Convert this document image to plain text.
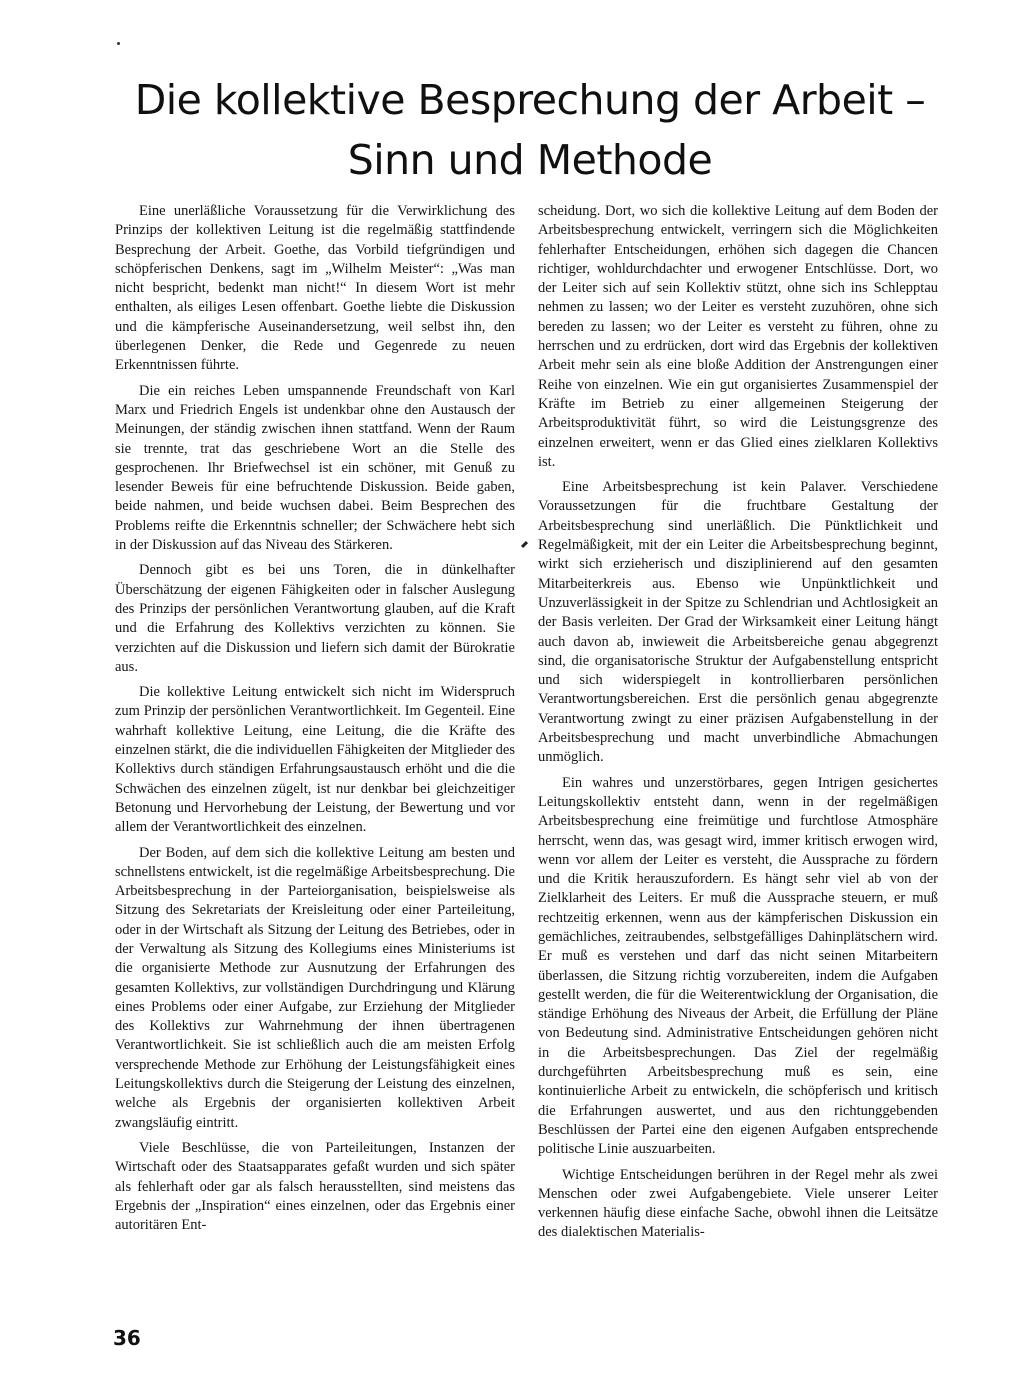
Die kollektive Besprechung der Arbeit –
Sinn und Methode

Eine unerläßliche Voraussetzung für die Verwirklichung des Prinzips der kollektiven Leitung ist die regelmäßig stattfindende Besprechung der Arbeit. Goethe, das Vorbild tiefgründigen und schöpferischen Denkens, sagt im „Wilhelm Meister“: „Was man nicht bespricht, bedenkt man nicht!“ In diesem Wort ist mehr enthalten, als eiliges Lesen offenbart. Goethe liebte die Diskussion und die kämpferische Auseinandersetzung, weil selbst ihn, den überlegenen Denker, die Rede und Gegenrede zu neuen Erkenntnissen führte.

Die ein reiches Leben umspannende Freundschaft von Karl Marx und Friedrich Engels ist undenkbar ohne den Austausch der Meinungen, der ständig zwischen ihnen stattfand. Wenn der Raum sie trennte, trat das geschriebene Wort an die Stelle des gesprochenen. Ihr Briefwechsel ist ein schöner, mit Genuß zu lesender Beweis für eine befruchtende Diskussion. Beide gaben, beide nahmen, und beide wuchsen dabei. Beim Besprechen des Problems reifte die Erkenntnis schneller; der Schwächere hebt sich in der Diskussion auf das Niveau des Stärkeren.

Dennoch gibt es bei uns Toren, die in dünkelhafter Überschätzung der eigenen Fähigkeiten oder in falscher Auslegung des Prinzips der persönlichen Verantwortung glauben, auf die Kraft und die Erfahrung des Kollektivs verzichten zu können. Sie verzichten auf die Diskussion und liefern sich damit der Bürokratie aus.

Die kollektive Leitung entwickelt sich nicht im Widerspruch zum Prinzip der persönlichen Verantwortlichkeit. Im Gegenteil. Eine wahrhaft kollektive Leitung, eine Leitung, die die Kräfte des einzelnen stärkt, die die individuellen Fähigkeiten der Mitglieder des Kollektivs durch ständigen Erfahrungsaustausch erhöht und die die Schwächen des einzelnen zügelt, ist nur denkbar bei gleichzeitiger Betonung und Hervorhebung der Leistung, der Bewertung und vor allem der Verantwortlichkeit des einzelnen.

Der Boden, auf dem sich die kollektive Leitung am besten und schnellstens entwickelt, ist die regelmäßige Arbeitsbesprechung. Die Arbeitsbesprechung in der Parteiorganisation, beispielsweise als Sitzung des Sekretariats der Kreisleitung oder einer Parteileitung, oder in der Wirtschaft als Sitzung der Leitung des Betriebes, oder in der Verwaltung als Sitzung des Kollegiums eines Ministeriums ist die organisierte Methode zur Ausnutzung der Erfahrungen des gesamten Kollektivs, zur vollständigen Durchdringung und Klärung eines Problems oder einer Aufgabe, zur Erziehung der Mitglieder des Kollektivs zur Wahrnehmung der ihnen übertragenen Verantwortlichkeit. Sie ist schließlich auch die am meisten Erfolg versprechende Methode zur Erhöhung der Leistungsfähigkeit eines Leitungskollektivs durch die Steigerung der Leistung des einzelnen, welche als Ergebnis der organisierten kollektiven Arbeit zwangsläufig eintritt.

Viele Beschlüsse, die von Parteileitungen, Instanzen der Wirtschaft oder des Staatsapparates gefaßt wurden und sich später als fehlerhaft oder gar als falsch herausstellten, sind meistens das Ergebnis der „Inspiration“ eines einzelnen, oder das Ergebnis einer autoritären Ent-

scheidung. Dort, wo sich die kollektive Leitung auf dem Boden der Arbeitsbesprechung entwickelt, verringern sich die Möglichkeiten fehlerhafter Entscheidungen, erhöhen sich dagegen die Chancen richtiger, wohldurchdachter und erwogener Entschlüsse. Dort, wo der Leiter sich auf sein Kollektiv stützt, ohne sich ins Schlepptau nehmen zu lassen; wo der Leiter es versteht zuzuhören, ohne sich bereden zu lassen; wo der Leiter es versteht zu führen, ohne zu herrschen und zu erdrücken, dort wird das Ergebnis der kollektiven Arbeit mehr sein als eine bloße Addition der Anstrengungen einer Reihe von einzelnen. Wie ein gut organisiertes Zusammenspiel der Kräfte im Betrieb zu einer allgemeinen Steigerung der Arbeitsproduktivität führt, so wird die Leistungsgrenze des einzelnen erweitert, wenn er das Glied eines zielklaren Kollektivs ist.

Eine Arbeitsbesprechung ist kein Palaver. Verschiedene Voraussetzungen für die fruchtbare Gestaltung der Arbeitsbesprechung sind unerläßlich. Die Pünktlichkeit und Regelmäßigkeit, mit der ein Leiter die Arbeitsbesprechung beginnt, wirkt sich erzieherisch und disziplinierend auf den gesamten Mitarbeiterkreis aus. Ebenso wie Unpünktlichkeit und Unzuverlässigkeit in der Spitze zu Schlendrian und Achtlosigkeit an der Basis verleiten. Der Grad der Wirksamkeit einer Leitung hängt auch davon ab, inwieweit die Arbeitsbereiche genau abgegrenzt sind, die organisatorische Struktur der Aufgabenstellung entspricht und sich widerspiegelt in kontrollierbaren persönlichen Verantwortungsbereichen. Erst die persönlich genau abgegrenzte Verantwortung zwingt zu einer präzisen Aufgabenstellung in der Arbeitsbesprechung und macht unverbindliche Abmachungen unmöglich.

Ein wahres und unzerstörbares, gegen Intrigen gesichertes Leitungskollektiv entsteht dann, wenn in der regelmäßigen Arbeitsbesprechung eine freimütige und furchtlose Atmosphäre herrscht, wenn das, was gesagt wird, immer kritisch erwogen wird, wenn vor allem der Leiter es versteht, die Aussprache zu fördern und die Kritik herauszufordern. Es hängt sehr viel ab von der Zielklarheit des Leiters. Er muß die Aussprache steuern, er muß rechtzeitig erkennen, wenn aus der kämpferischen Diskussion ein gemächliches, zeitraubendes, selbstgefälliges Dahinplätschern wird. Er muß es verstehen und darf das nicht seinen Mitarbeitern überlassen, die Sitzung richtig vorzubereiten, indem die Aufgaben gestellt werden, die für die Weiterentwicklung der Organisation, die ständige Erhöhung des Niveaus der Arbeit, die Erfüllung der Pläne von Bedeutung sind. Administrative Entscheidungen gehören nicht in die Arbeitsbesprechungen. Das Ziel der regelmäßig durchgeführten Arbeitsbesprechung muß es sein, eine kontinuierliche Arbeit zu entwickeln, die schöpferisch und kritisch die Erfahrungen auswertet, und aus den richtunggebenden Beschlüssen der Partei eine den eigenen Aufgaben entsprechende politische Linie auszuarbeiten.

Wichtige Entscheidungen berühren in der Regel mehr als zwei Menschen oder zwei Aufgabengebiete. Viele unserer Leiter verkennen häufig diese einfache Sache, obwohl ihnen die Leitsätze des dialektischen Materialis-

36
